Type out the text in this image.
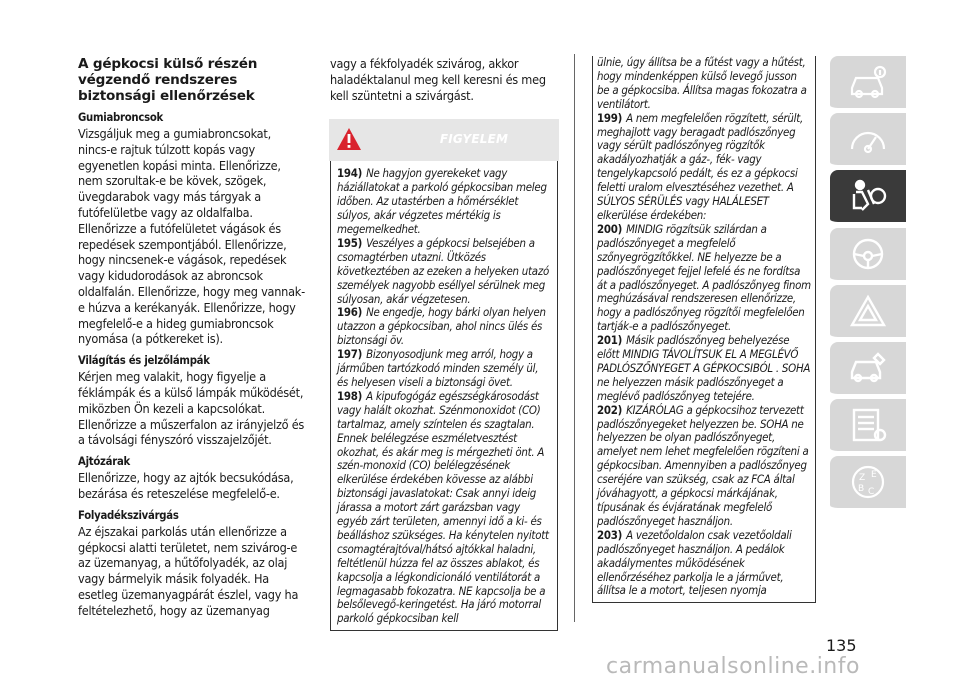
A gépkocsi külső részén végzendő rendszeres biztonsági ellenőrzések
Gumiabroncsok

Vizsgáljuk meg a gumiabroncsokat, nincs-e rajtuk túlzott kopás vagy egyenetlen kopási minta. Ellenőrizze, nem szorultak-e be kövek, szögek, üvegdarabok vagy más tárgyak a futófelületbe vagy az oldalfalba. Ellenőrizze a futófelületet vágások és repedések szempontjából. Ellenőrizze, hogy nincsenek-e vágások, repedések vagy kidudorodások az abroncsok oldalfalán. Ellenőrizze, hogy meg vannak-e húzva a kerékanyák. Ellenőrizze, hogy megfelelő-e a hideg gumiabroncsok nyomása (a pótkereket is).

Világítás és jelzőlámpák

Kérjen meg valakit, hogy figyelje a féklámpák és a külső lámpák működését, miközben Ön kezeli a kapcsolókat. Ellenőrizze a műszerfalon az irányjelző és a távolsági fényszóró visszajelzőjét.

Ajtózárak

Ellenőrizze, hogy az ajtók becsukódása, bezárása és reteszelése megfelelő-e.

Folyadékszivárgás

Az éjszakai parkolás után ellenőrizze a gépkocsi alatti területet, nem szivárog-e az üzemanyag, a hűtőfolyadék, az olaj vagy bármelyik másik folyadék. Ha esetleg üzemanyagpárát észlel, vagy ha feltételezhető, hogy az üzemanyag

vagy a fékfolyadék szivárog, akkor haladéktalanul meg kell keresni és meg kell szüntetni a szivárgást.

FIGYELEM

194) Ne hagyjon gyerekeket vagy háziállatokat a parkoló gépkocsiban meleg időben. Az utastérben a hőmérséklet súlyos, akár végzetes mértékig is megemelkedhet.

195) Veszélyes a gépkocsi belsejében a csomagtérben utazni. Ütközés következtében az ezeken a helyeken utazó személyek nagyobb eséllyel sérülnek meg súlyosan, akár végzetesen.

196) Ne engedje, hogy bárki olyan helyen utazzon a gépkocsiban, ahol nincs ülés és biztonsági öv.

197) Bizonyosodjunk meg arról, hogy a járműben tartózkodó minden személy ül, és helyesen viseli a biztonsági övet.

198) A kipufogógáz egészségkárosodást vagy halált okozhat. Szénmonoxidot (CO) tartalmaz, amely színtelen és szagtalan. Ennek belélegzése eszméletvesztést okozhat, és akár meg is mérgezheti önt. A szén-monoxid (CO) belélegzésének elkerülése érdekében kövesse az alábbi biztonsági javaslatokat: Csak annyi ideig járassa a motort zárt garázsban vagy egyéb zárt területen, amennyi idő a ki- és beálláshoz szükséges. Ha kénytelen nyitott csomagtérajtóval/hátsó ajtókkal haladni, feltétlenül húzza fel az összes ablakot, és kapcsolja a légkondicionáló ventilátorát a legmagasabb fokozatra. NE kapcsolja be a belsőlevegő-keringetést. Ha járó motorral parkoló gépkocsiban kell

ülnie, úgy állítsa be a fűtést vagy a hűtést, hogy mindenképpen külső levegő jusson be a gépkocsiba. Állítsa magas fokozatra a ventilátort.

199) A nem megfelelően rögzített, sérült, meghajlott vagy beragadt padlószőnyeg vagy sérült padlószőnyeg rögzítők akadályozhatják a gáz-, fék- vagy tengelykapcsoló pedált, és ez a gépkocsi feletti uralom elvesztéséhez vezethet. A SÚLYOS SÉRÜLÉS vagy HALÁLESET elkerülése érdekében:

200) MINDIG rögzítsük szilárdan a padlószőnyeget a megfelelő szőnyegrögzítőkkel. NE helyezze be a padlószőnyeget fejjel lefelé és ne fordítsa át a padlószőnyeget. A padlószőnyeg finom meghúzásával rendszeresen ellenőrizze, hogy a padlószőnyeg rögzítői megfelelően tartják-e a padlószőnyeget.

201) Másik padlószőnyeg behelyezése előtt MINDIG TÁVOLÍTSUK EL A MEGLÉVŐ PADLÓSZŐNYEGET A GÉPKOCSIBÓL . SOHA ne helyezzen másik padlószőnyeget a meglévő padlószőnyeg tetejére.

202) KIZÁRÓLAG a gépkocsihoz tervezett padlószőnyegeket helyezzen be. SOHA ne helyezzen be olyan padlószőnyeget, amelyet nem lehet megfelelően rögzíteni a gépkocsiban. Amennyiben a padlószőnyeg cseréjére van szükség, csak az FCA által jóváhagyott, a gépkocsi márkájának, típusának és évjáratának megfelelő padlószőnyeget használjon.

203) A vezetőoldalon csak vezetőoldali padlószőnyeget használjon. A pedálok akadálymentes működésének ellenőrzéséhez parkolja le a járművet, állítsa le a motort, teljesen nyomja

Z E
B C
135
carmanualsonline.info
